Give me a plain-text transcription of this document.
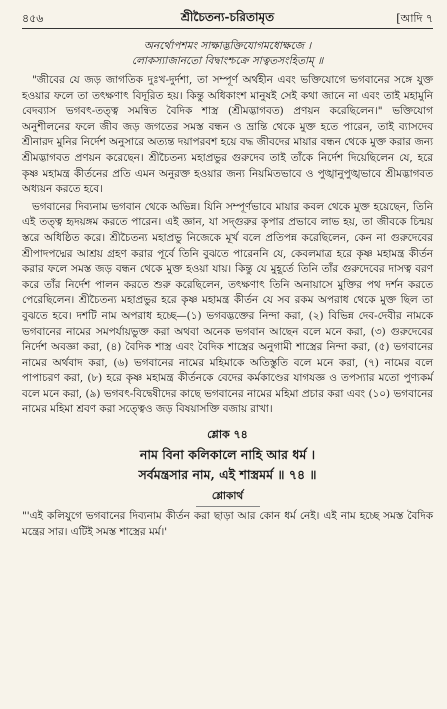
৪৫৬	শ্রীচৈতন্য-চরিতামৃত	[আদি ৭
অনর্থোপশমং সাক্ষাদ্ভক্তিযোগমধোক্ষজে ।
লোকস্যাজানতো বিদ্বাংশ্চক্রে সাত্বতসংহিতাম্ ॥

"জীবের যে জড় জাগতিক দুঃখ-দুর্দশা, তা সম্পূর্ণ অর্থহীন এবং ভক্তিযোগে ভগবানের সঙ্গে যুক্ত হওয়ার ফলে তা তৎক্ষণাৎ বিদূরিত হয়। কিন্তু অধিকাংশ মানুষই সেই কথা জানে না এবং তাই মহামুনি বেদব্যাস ভগবৎ-তত্ত্ব সমন্বিত বৈদিক শাস্ত্র (শ্রীমদ্ভাগবত) প্রণয়ন করেছিলেন।" ভক্তিযোগ অনুশীলনের ফলে জীব জড় জগতের সমস্ত বন্ধন ও ভ্রান্তি থেকে মুক্ত হতে পারেন, তাই ব্যাসদেব শ্রীনারদ মুনির নির্দেশ অনুসারে অত্যন্ত দয়াপরবশ হয়ে বদ্ধ জীবদের মায়ার বন্ধন থেকে মুক্ত করার জন্য শ্রীমদ্ভাগবত প্রণয়ন করেছেন। শ্রীচৈতন্য মহাপ্রভুর গুরুদেব তাই তাঁকে নির্দেশ দিয়েছিলেন যে, হরে কৃষ্ণ মহামন্ত্র কীর্তনের প্রতি এমন অনুরক্ত হওয়ার জন্য নিয়মিতভাবে ও পুঙ্খানুপুঙ্খভাবে শ্রীমদ্ভাগবত অধ্যয়ন করতে হবে।

ভগবানের দিব্যনাম ভগবান থেকে অভিন্ন। যিনি সম্পূর্ণভাবে মায়ার কবল থেকে মুক্ত হয়েছেন, তিনি এই তত্ত্ব হৃদয়ঙ্গম করতে পারেন। এই জ্ঞান, যা সদ্গুরুর কৃপার প্রভাবে লাভ হয়, তা জীবকে চিন্ময় স্তরে অধিষ্ঠিত করে। শ্রীচৈতন্য মহাপ্রভু নিজেকে মূর্খ বলে প্রতিপন্ন করেছিলেন, কেন না গুরুদেবের শ্রীপাদপদ্মের আশ্রয় গ্রহণ করার পূর্বে তিনি বুঝতে পারেননি যে, কেবলমাত্র হরে কৃষ্ণ মহামন্ত্র কীর্তন করার ফলে সমস্ত জড় বন্ধন থেকে মুক্ত হওয়া যায়। কিন্তু যে মুহূর্তে তিনি তাঁর গুরুদেবের দাসত্ব বরণ করে তাঁর নির্দেশ পালন করতে শুরু করেছিলেন, তৎক্ষণাৎ তিনি অনায়াসে মুক্তির পথ দর্শন করতে পেরেছিলেন। শ্রীচৈতন্য মহাপ্রভুর হরে কৃষ্ণ মহামন্ত্র কীর্তন যে সব রকম অপরাধ থেকে মুক্ত ছিল তা বুঝতে হবে। দশটি নাম অপরাধ হচ্ছে—(১) ভগবদ্ভক্তের নিন্দা করা, (২) বিভিন্ন দেব-দেবীর নামকে ভগবানের নামের সমপর্যায়ভুক্ত করা অথবা অনেক ভগবান আছেন বলে মনে করা, (৩) গুরুদেবের নির্দেশ অবজ্ঞা করা, (৪) বৈদিক শাস্ত্র এবং বৈদিক শাস্ত্রের অনুগামী শাস্ত্রের নিন্দা করা, (৫) ভগবানের নামের অর্থবাদ করা, (৬) ভগবানের নামের মহিমাকে অতিস্তুতি বলে মনে করা, (৭) নামের বলে পাপাচরণ করা, (৮) হরে কৃষ্ণ মহামন্ত্র কীর্তনকে বেদের কর্মকাণ্ডের যাগযজ্ঞ ও তপস্যার মতো পুণ্যকর্ম বলে মনে করা, (৯) ভগবৎ-বিদ্বেষীদের কাছে ভগবানের নামের মহিমা প্রচার করা এবং (১০) ভগবানের নামের মহিমা শ্রবণ করা সত্ত্বেও জড় বিষয়াসক্তি বজায় রাখা।

শ্লোক ৭৪
নাম বিনা কলিকালে নাহি আর ধর্ম ।
সর্বমন্ত্রসার নাম, এই শাস্ত্রমর্ম ॥ ৭৪ ॥
শ্লোকার্থ
"'এই কলিযুগে ভগবানের দিব্যনাম কীর্তন করা ছাড়া আর কোন ধর্ম নেই। এই নাম হচ্ছে সমস্ত বৈদিক মন্ত্রের সার। এটিই সমস্ত শাস্ত্রের মর্ম।'
